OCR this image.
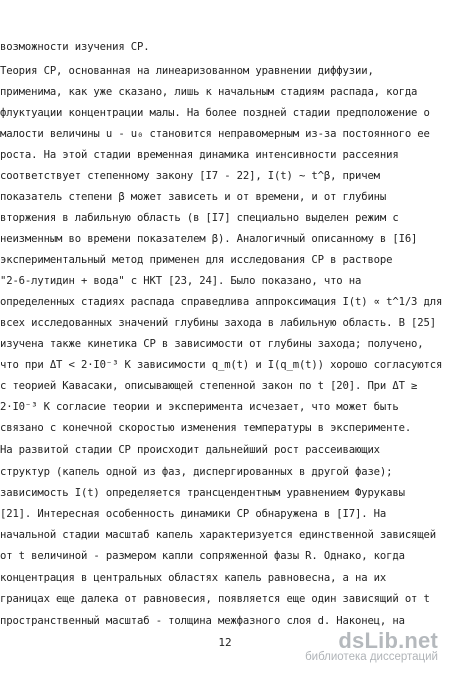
возможности изучения СР.
Теория СР, основанная на линеаризованном уравнении диффузии,
применима, как уже сказано, лишь к начальным стадиям распада, когда
флуктуации концентрации малы. На более поздней стадии предположение о
малости величины u - u₀ становится неправомерным из-за постоянного ее
роста. На этой стадии временная динамика интенсивности рассеяния
соответствует степенному закону [I7 - 22], I(t) ~ t^β, причем
показатель степени β может зависеть и от времени, и от глубины
вторжения в лабильную область (в [I7] специально выделен режим с
неизменным во времени показателем β). Аналогичный описанному в [I6]
экспериментальный метод применен для исследования СР в растворе
"2-6-лутидин + вода" с НКТ [23, 24]. Было показано, что на
определенных стадиях распада справедлива аппроксимация I(t) ∝ t^1/3 для
всех исследованных значений глубины захода в лабильную область. В [25]
изучена также кинетика СР в зависимости от глубины захода; получено,
что при ΔT < 2·I0⁻³ К зависимости q_m(t) и I(q_m(t)) хорошо согласуются
с теорией Кавасаки, описывающей степенной закон по t [20]. При ΔT ≥
2·I0⁻³ К согласие теории и эксперимента исчезает, что может быть
связано с конечной скоростью изменения температуры в эксперименте.
На развитой стадии СР происходит дальнейший рост рассеивающих
структур (капель одной из фаз, диспергированных в другой фазе);
зависимость I(t) определяется трансцендентным уравнением Фурукавы
[21]. Интересная особенность динамики СР обнаружена в [I7]. На
начальной стадии масштаб капель характеризуется единственной зависящей
от t величиной - размером капли сопряженной фазы R. Однако, когда
концентрация в центральных областях капель равновесна, а на их
границах еще далека от равновесия, появляется еще один зависящий от t
пространственный масштаб - толщина межфазного слоя d. Наконец, на
12	dsLib.net
библиотека диссертаций
